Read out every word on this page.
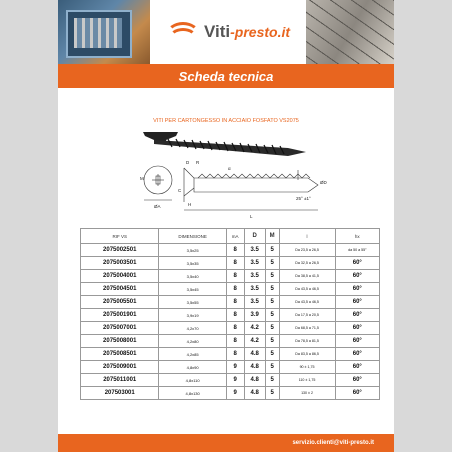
Viti-presto.it
Scheda tecnica
VITI PER CARTONGESSO IN ACCIAIO FOSFATO VS2075
D R
α
ØD
25° ±1°
M
ØA
C
H
L
RIF VS	DIMENSIONE	mA	D	M	l	hx
2075002501	3,5x25	8	3.5	5	Da 23,5 a 26,5	da 50 a 55°
2075003501	3,5x35	8	3.5	5	Da 32,5 a 26,5	60°
2075004001	3,5x40	8	3.5	5	Da 38,5 a 41,5	60°
2075004501	3,5x45	8	3.5	5	Da 43,5 a 46,5	60°
2075005501	3,5x55	8	3.5	5	Da 43,5 a 46,5	60°
2075001901	3,9x19	8	3.9	5	Da 17,5 a 20,5	60°
2075007001	4,2x70	8	4.2	5	Da 68,5 a 71,5	60°
2075008001	4,2x80	8	4.2	5	Da 78,5 a 81,5	60°
2075008501	4,2x85	8	4.8	5	Da 83,5 a 86,5	60°
2075009001	4,8x90	9	4.8	5	90 ± 1,75	60°
2075011001	4,8x110	9	4.8	5	110 ± 1,75	60°
207503001	4,8x130	9	4.8	5	130 ± 2	60°
servizio.clienti@viti-presto.it
